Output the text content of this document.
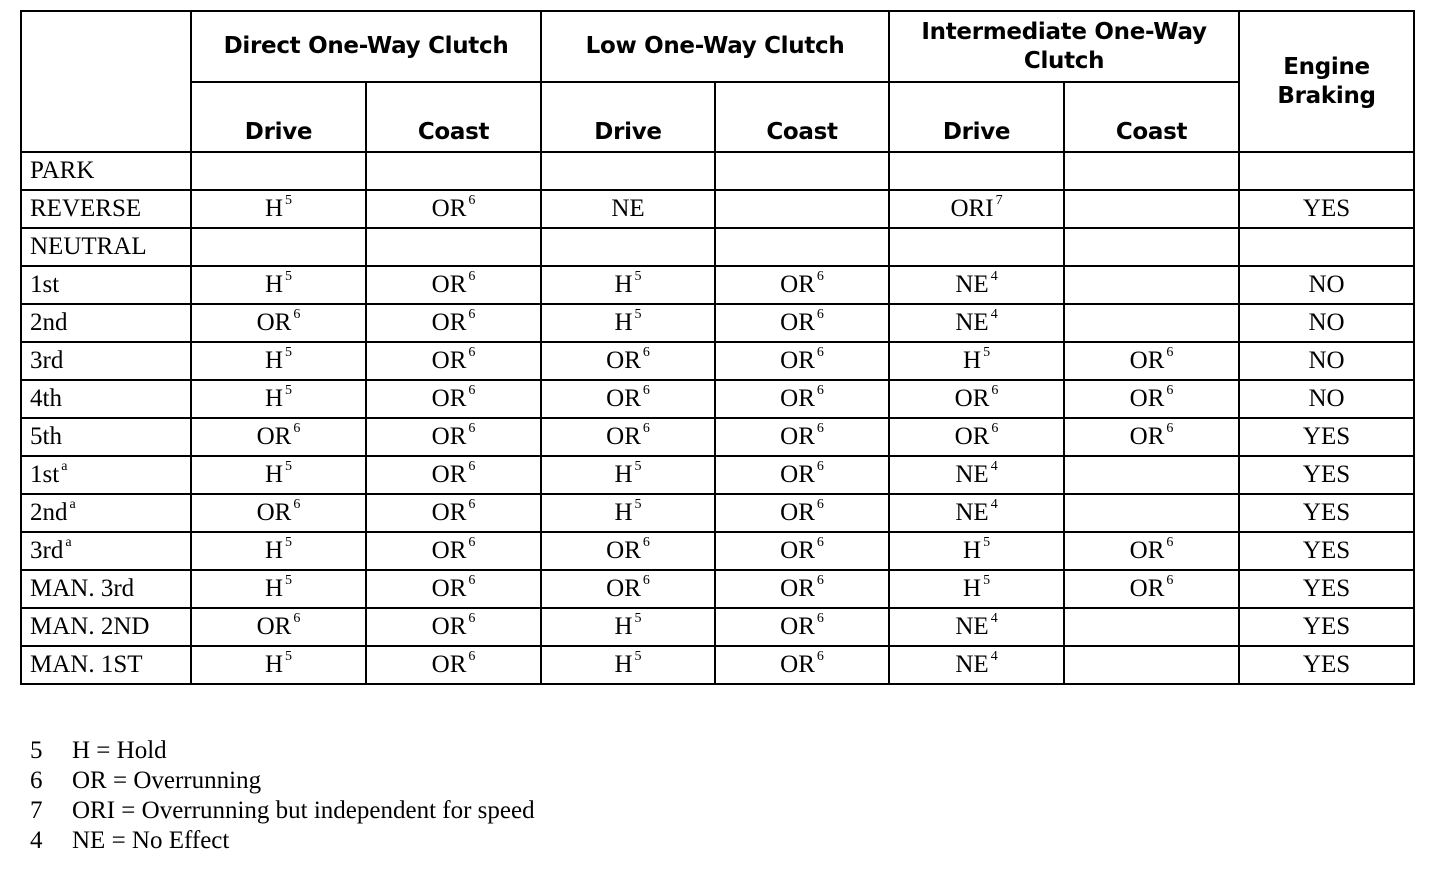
	Direct One-Way Clutch		Low One-Way Clutch		Intermediate One-Way Clutch		Engine Braking
	Drive	Coast	Drive	Coast	Drive	Coast	
PARK							
REVERSE	H $^5$	OR $^6$	NE		ORI $^7$		YES
NEUTRAL							
1st	H $^5$	OR $^6$	H $^5$	OR $^6$	NE $^4$		NO
2nd	OR $^6$	OR $^6$	H $^5$	OR $^6$	NE $^4$		NO
3rd	H $^5$	OR $^6$	OR $^6$	OR $^6$	H $^5$	OR $^6$	NO
4th	H $^5$	OR $^6$	OR $^6$	OR $^6$	OR $^6$	OR $^6$	NO
5th	OR $^6$	OR $^6$	OR $^6$	OR $^6$	OR $^6$	OR $^6$	YES
1st $^a$	H $^5$	OR $^6$	H $^5$	OR $^6$	NE $^4$		YES
2nd $^a$	OR $^6$	OR $^6$	H $^5$	OR $^6$	NE $^4$		YES
3rd $^a$	H $^5$	OR $^6$	OR $^6$	OR $^6$	H $^5$	OR $^6$	YES
MAN. 3rd	H $^5$	OR $^6$	OR $^6$	OR $^6$	H $^5$	OR $^6$	YES
MAN. 2ND	OR $^6$	OR $^6$	H $^5$	OR $^6$	NE $^4$		YES
MAN. 1ST	H $^5$	OR $^6$	H $^5$	OR $^6$	NE $^4$		YES
5	H = Hold
6	OR = Overrunning
7	ORI = Overrunning but independent for speed
4	NE = No Effect
